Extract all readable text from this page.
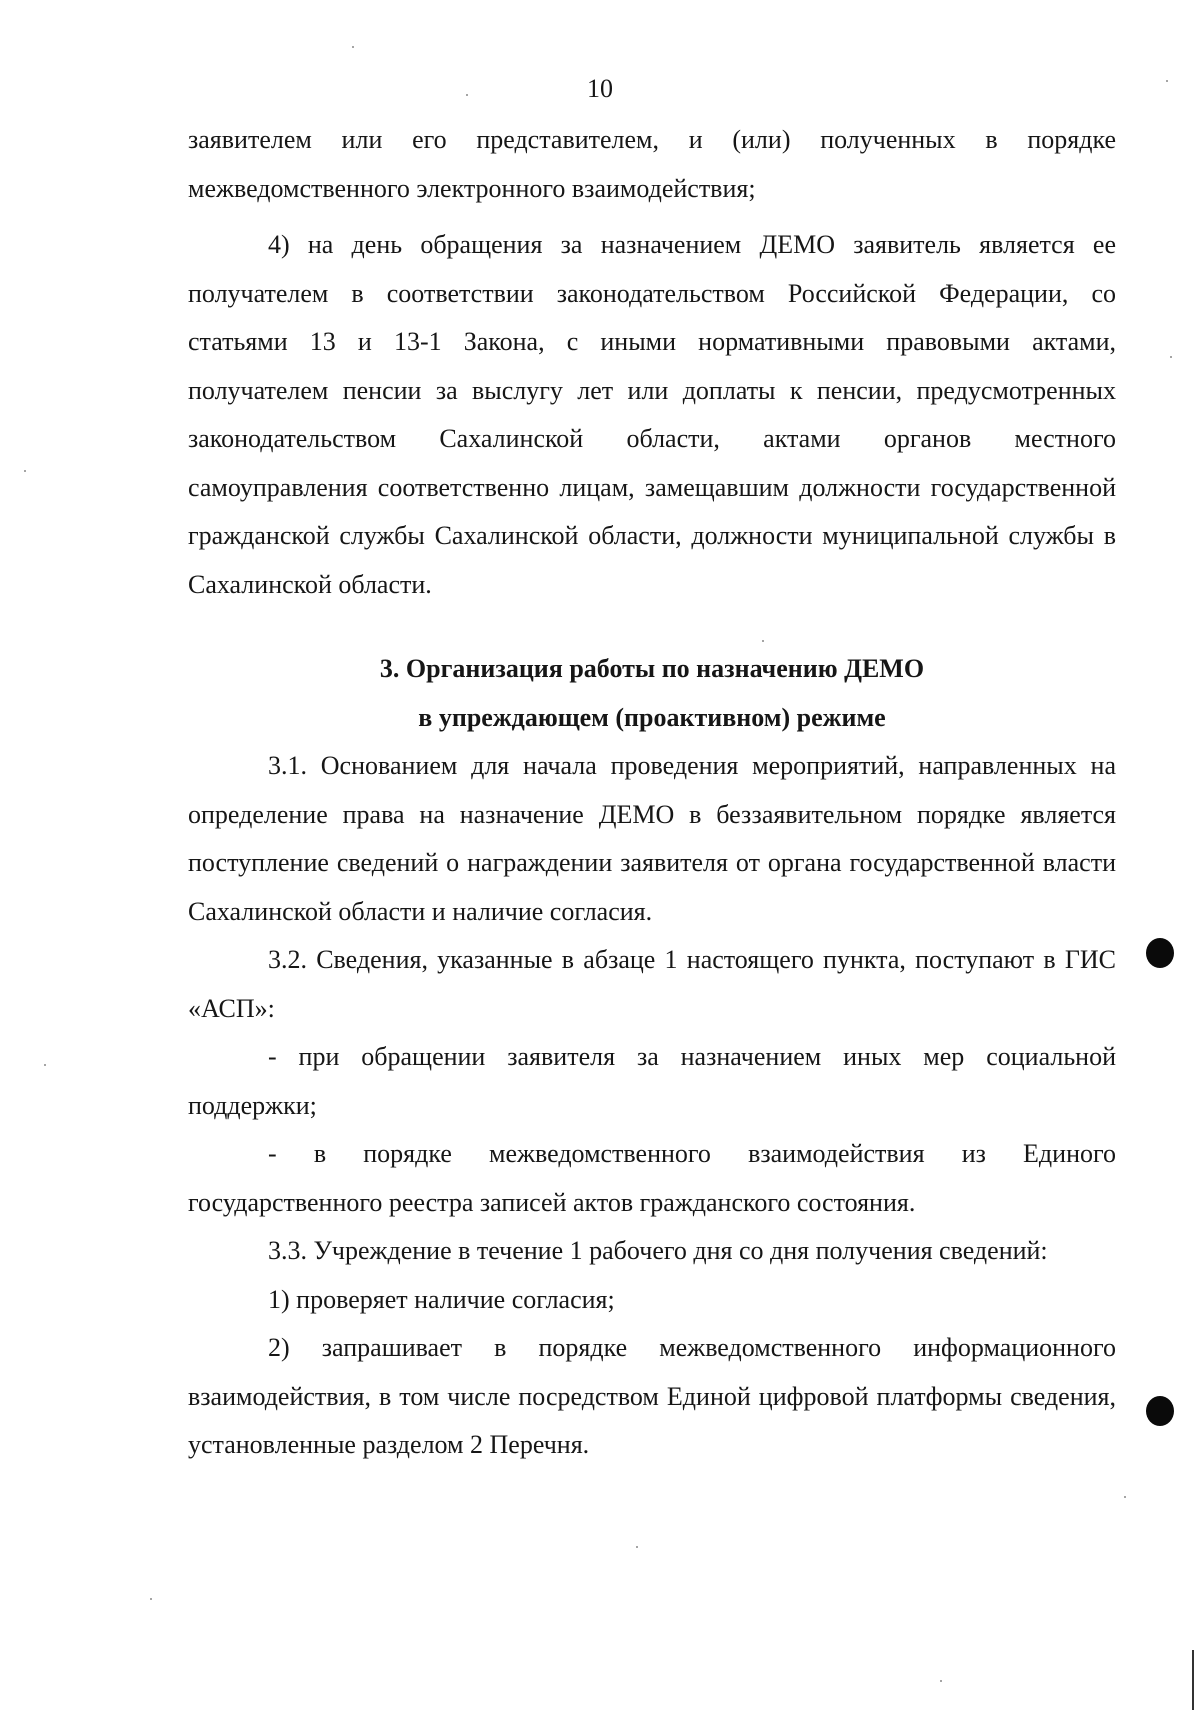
10

заявителем или его представителем, и (или) полученных в порядке межведомственного электронного взаимодействия;

4) на день обращения за назначением ДЕМО заявитель является ее получателем в соответствии законодательством Российской Федерации, со статьями 13 и 13-1 Закона, с иными нормативными правовыми актами, получателем пенсии за выслугу лет или доплаты к пенсии, предусмотренных законодательством Сахалинской области, актами органов местного самоуправления соответственно лицам, замещавшим должности государственной гражданской службы Сахалинской области, должности муниципальной службы в Сахалинской области.

3. Организация работы по назначению ДЕМО

в упреждающем (проактивном) режиме

3.1. Основанием для начала проведения мероприятий, направленных на определение права на назначение ДЕМО в беззаявительном порядке является поступление сведений о награждении заявителя от органа государственной власти Сахалинской области и наличие согласия.

3.2. Сведения, указанные в абзаце 1 настоящего пункта, поступают в ГИС «АСП»:

- при обращении заявителя за назначением иных мер социальной поддержки;

- в порядке межведомственного взаимодействия из Единого государственного реестра записей актов гражданского состояния.

3.3. Учреждение в течение 1 рабочего дня со дня получения сведений:

1) проверяет наличие согласия;

2) запрашивает в порядке межведомственного информационного взаимодействия, в том числе посредством Единой цифровой платформы сведения, установленные разделом 2 Перечня.
